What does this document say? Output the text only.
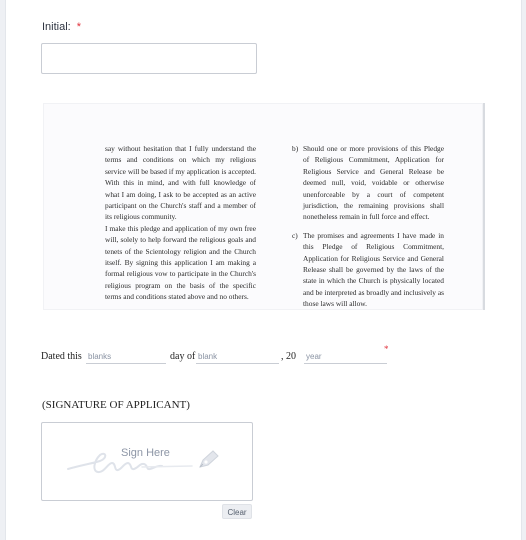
Initial: *
say without hesitation that I fully understand the terms and conditions on which my religious service will be based if my application is accepted. With this in mind, and with full knowledge of what I am doing, I ask to be accepted as an active participant on the Church's staff and a member of its religious community.
I make this pledge and application of my own free will, solely to help forward the religious goals and tenets of the Scientology religion and the Church itself. By signing this application I am making a formal religious vow to participate in the Church's religious program on the basis of the specific terms and conditions stated above and no others.
b) Should one or more provisions of this Pledge of Religious Commitment, Application for Religious Service and General Release be deemed null, void, voidable or otherwise unenforceable by a court of competent jurisdiction, the remaining provisions shall nonetheless remain in full force and effect.
c) The promises and agreements I have made in this Pledge of Religious Commitment, Application for Religious Service and General Release shall be governed by the laws of the state in which the Church is physically located and be interpreted as broadly and inclusively as those laws will allow.
Dated this blanks	day of blank	, 20 year
*
(SIGNATURE OF APPLICANT)
Sign Here
Clear
